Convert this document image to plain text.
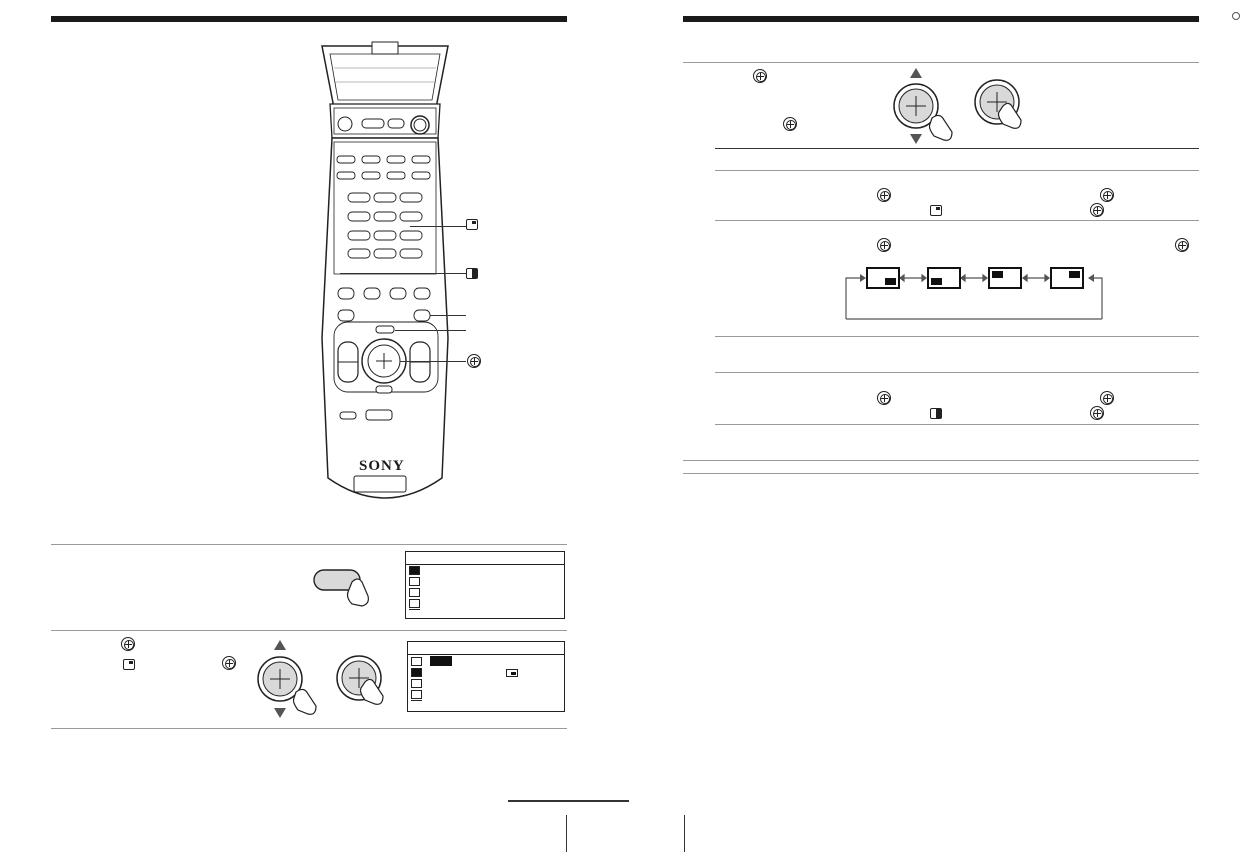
SONY
